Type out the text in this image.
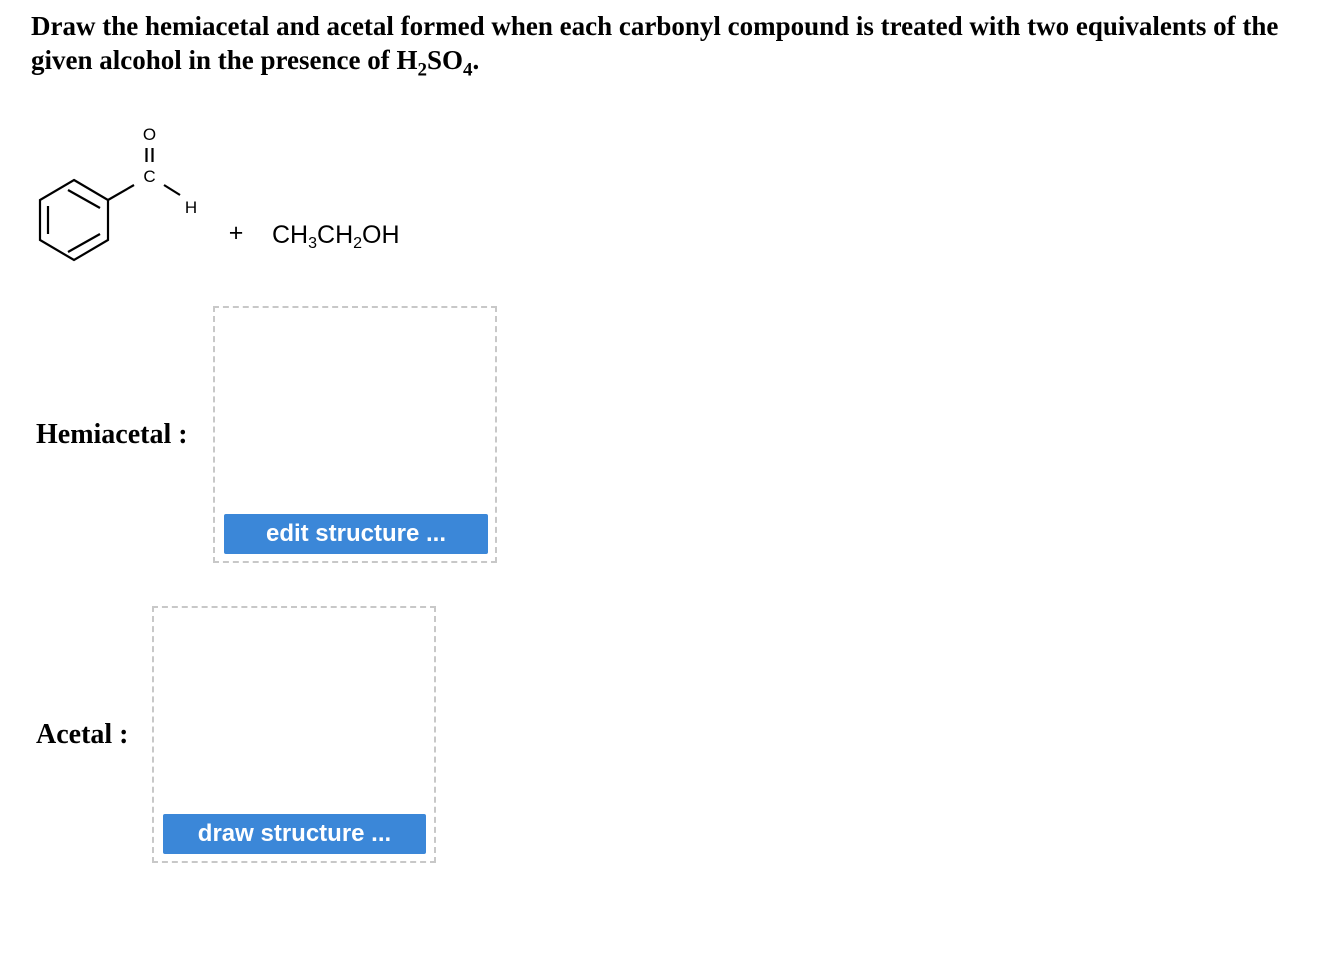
Draw the hemiacetal and acetal formed when each carbonyl compound is treated with two equivalents of the given alcohol in the presence of $H_2SO_4$.

O
C
H
+ $CH_3CH_2OH$
Hemiacetal :
edit structure ...
Acetal :
draw structure ...
